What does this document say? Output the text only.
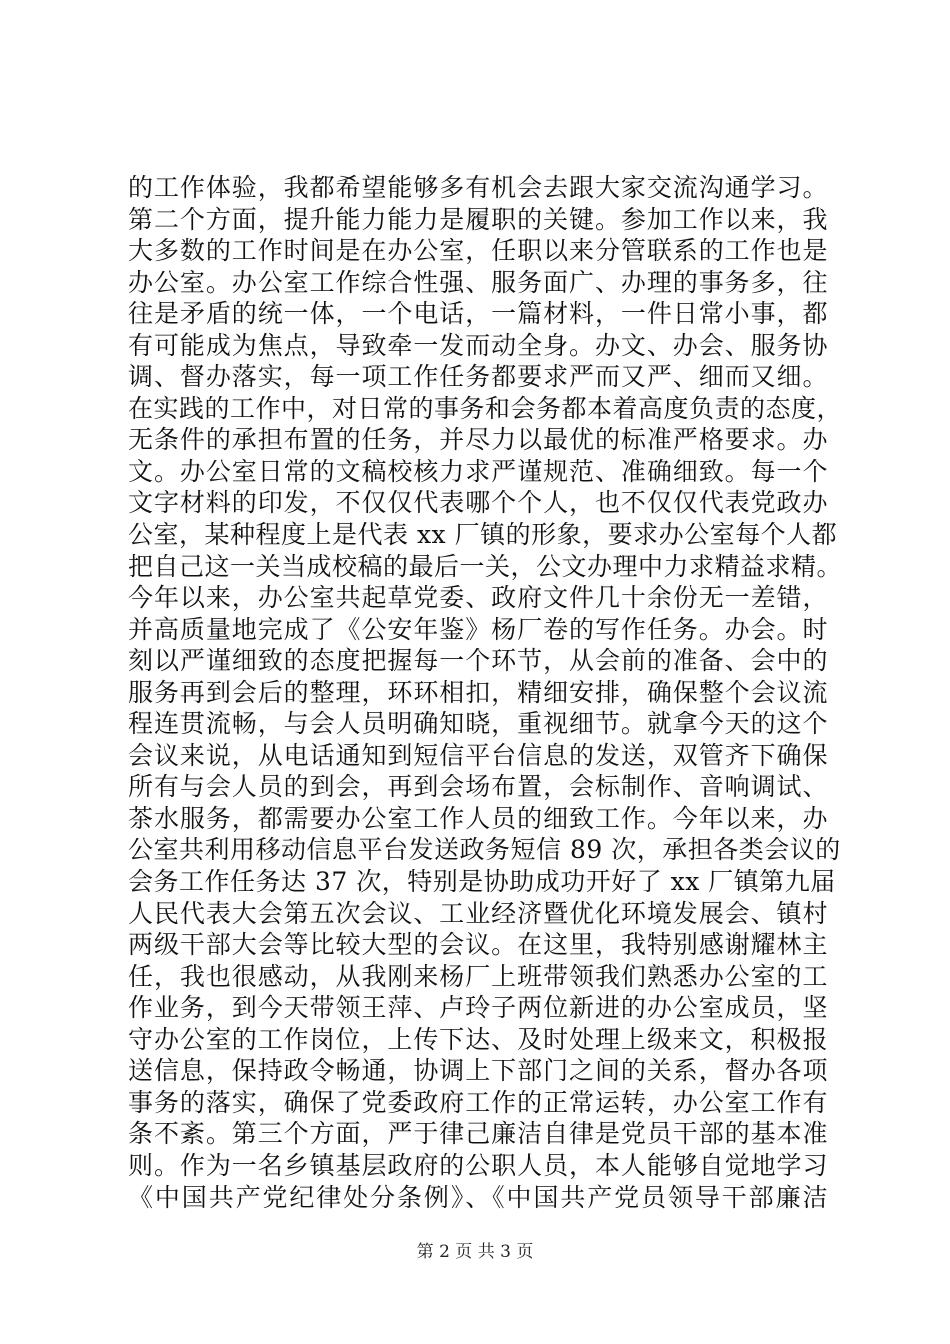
的工作体验，我都希望能够多有机会去跟大家交流沟通学习。
第二个方面，提升能力能力是履职的关键。参加工作以来，我
大多数的工作时间是在办公室，任职以来分管联系的工作也是
办公室。办公室工作综合性强、服务面广、办理的事务多，往
往是矛盾的统一体，一个电话，一篇材料，一件日常小事，都
有可能成为焦点，导致牵一发而动全身。办文、办会、服务协
调、督办落实，每一项工作任务都要求严而又严、细而又细。
在实践的工作中，对日常的事务和会务都本着高度负责的态度，
无条件的承担布置的任务，并尽力以最优的标准严格要求。办
文。办公室日常的文稿校核力求严谨规范、准确细致。每一个
文字材料的印发，不仅仅代表哪个个人，也不仅仅代表党政办
公室，某种程度上是代表 xx 厂镇的形象，要求办公室每个人都
把自己这一关当成校稿的最后一关，公文办理中力求精益求精。
今年以来，办公室共起草党委、政府文件几十余份无一差错，
并高质量地完成了《公安年鉴》杨厂卷的写作任务。办会。时
刻以严谨细致的态度把握每一个环节，从会前的准备、会中的
服务再到会后的整理，环环相扣，精细安排，确保整个会议流
程连贯流畅，与会人员明确知晓，重视细节。就拿今天的这个
会议来说，从电话通知到短信平台信息的发送，双管齐下确保
所有与会人员的到会，再到会场布置，会标制作、音响调试、
茶水服务，都需要办公室工作人员的细致工作。今年以来，办
公室共利用移动信息平台发送政务短信 89 次，承担各类会议的
会务工作任务达 37 次，特别是协助成功开好了 xx 厂镇第九届
人民代表大会第五次会议、工业经济暨优化环境发展会、镇村
两级干部大会等比较大型的会议。在这里，我特别感谢耀林主
任，我也很感动，从我刚来杨厂上班带领我们熟悉办公室的工
作业务，到今天带领王萍、卢玲子两位新进的办公室成员，坚
守办公室的工作岗位，上传下达、及时处理上级来文，积极报
送信息，保持政令畅通，协调上下部门之间的关系，督办各项
事务的落实，确保了党委政府工作的正常运转，办公室工作有
条不紊。第三个方面，严于律己廉洁自律是党员干部的基本准
则。作为一名乡镇基层政府的公职人员，本人能够自觉地学习
《中国共产党纪律处分条例》、《中国共产党员领导干部廉洁
第 2 页 共 3 页
